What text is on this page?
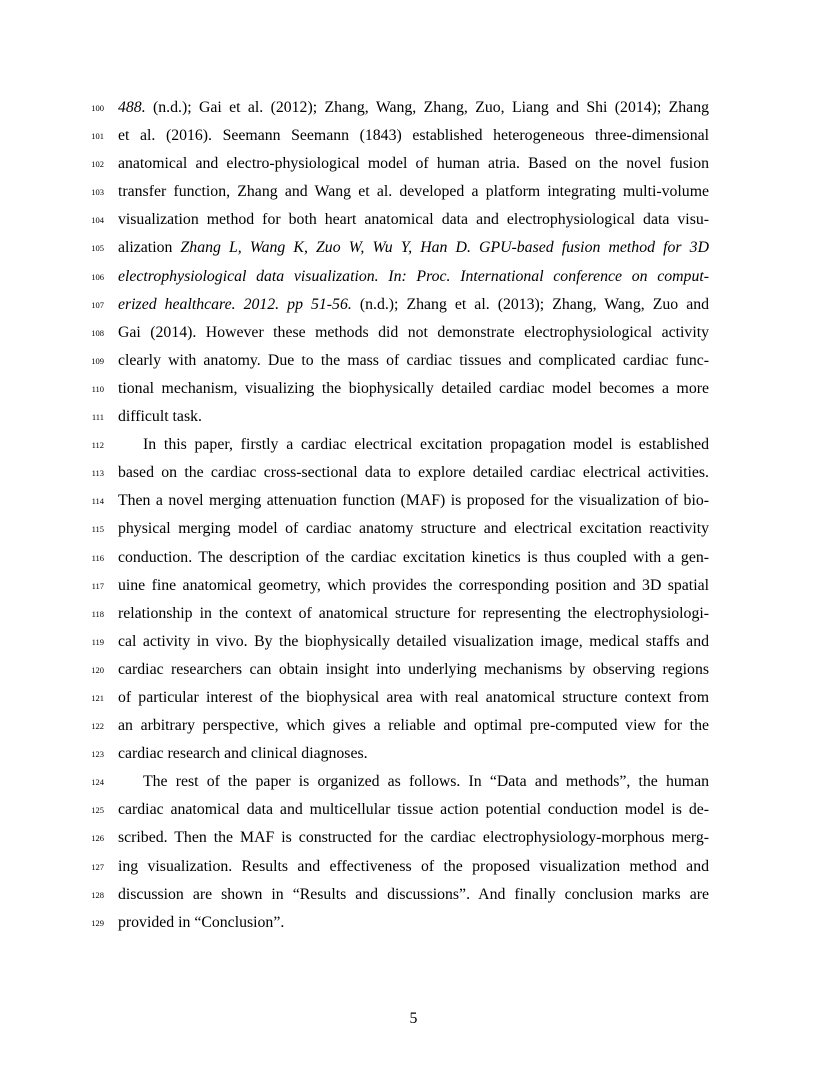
100 488. (n.d.); Gai et al. (2012); Zhang, Wang, Zhang, Zuo, Liang and Shi (2014); Zhang
101 et al. (2016). Seemann Seemann (1843) established heterogeneous three-dimensional
102 anatomical and electro-physiological model of human atria. Based on the novel fusion
103 transfer function, Zhang and Wang et al. developed a platform integrating multi-volume
104 visualization method for both heart anatomical data and electrophysiological data visu-
105 alization Zhang L, Wang K, Zuo W, Wu Y, Han D. GPU-based fusion method for 3D
106 electrophysiological data visualization. In: Proc. International conference on comput-
107 erized healthcare. 2012. pp 51-56. (n.d.); Zhang et al. (2013); Zhang, Wang, Zuo and
108 Gai (2014). However these methods did not demonstrate electrophysiological activity
109 clearly with anatomy. Due to the mass of cardiac tissues and complicated cardiac func-
110 tional mechanism, visualizing the biophysically detailed cardiac model becomes a more
111 difficult task.
112 In this paper, firstly a cardiac electrical excitation propagation model is established
113 based on the cardiac cross-sectional data to explore detailed cardiac electrical activities.
114 Then a novel merging attenuation function (MAF) is proposed for the visualization of bio-
115 physical merging model of cardiac anatomy structure and electrical excitation reactivity
116 conduction. The description of the cardiac excitation kinetics is thus coupled with a gen-
117 uine fine anatomical geometry, which provides the corresponding position and 3D spatial
118 relationship in the context of anatomical structure for representing the electrophysiologi-
119 cal activity in vivo. By the biophysically detailed visualization image, medical staffs and
120 cardiac researchers can obtain insight into underlying mechanisms by observing regions
121 of particular interest of the biophysical area with real anatomical structure context from
122 an arbitrary perspective, which gives a reliable and optimal pre-computed view for the
123 cardiac research and clinical diagnoses.
124 The rest of the paper is organized as follows. In “Data and methods”, the human
125 cardiac anatomical data and multicellular tissue action potential conduction model is de-
126 scribed. Then the MAF is constructed for the cardiac electrophysiology-morphous merg-
127 ing visualization. Results and effectiveness of the proposed visualization method and
128 discussion are shown in “Results and discussions”. And finally conclusion marks are
129 provided in “Conclusion”.
5
